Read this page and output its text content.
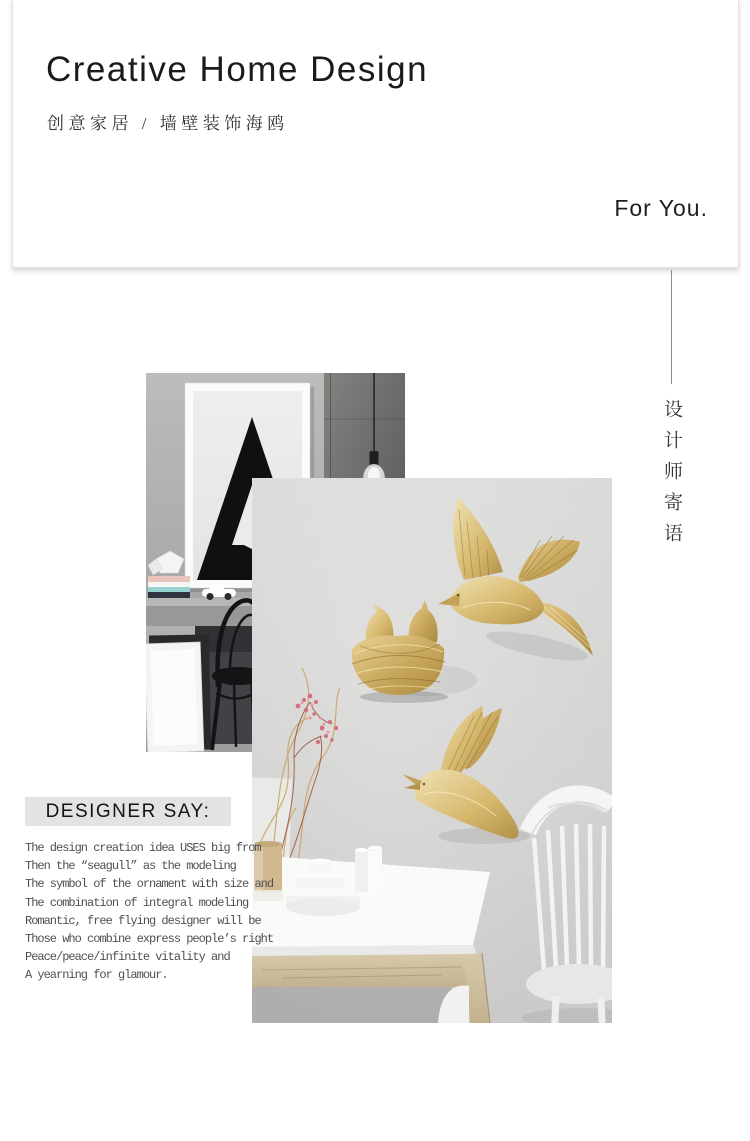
Creative Home Design
创意家居 / 墙壁装饰海鸥
For You.
设计师寄语
DESIGNER SAY:
The design creation idea USES big from
Then the “seagull” as the modeling
The symbol of the ornament with size and
The combination of integral modeling
Romantic, free flying designer will be
Those who combine express people’s right
Peace/peace/infinite vitality and
A yearning for glamour.
